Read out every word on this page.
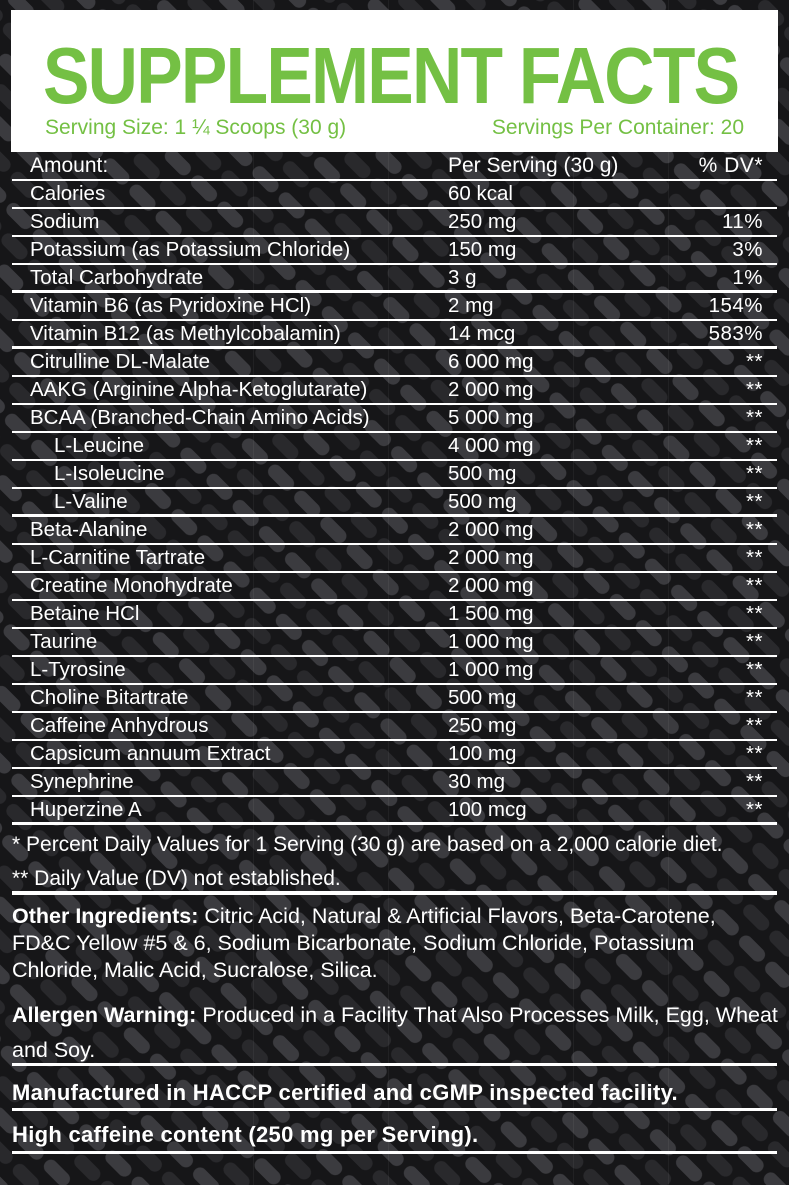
SUPPLEMENT FACTS
Serving Size: 1 ¼ Scoops (30 g)	Servings Per Container: 20
Amount:	Per Serving (30 g)	% DV*
Calories	60 kcal
Sodium	250 mg	11%
Potassium (as Potassium Chloride)	150 mg	3%
Total Carbohydrate	3 g	1%
Vitamin B6 (as Pyridoxine HCl)	2 mg	154%
Vitamin B12 (as Methylcobalamin)	14 mcg	583%
Citrulline DL-Malate	6 000 mg	**
AAKG (Arginine Alpha-Ketoglutarate)	2 000 mg	**
BCAA (Branched-Chain Amino Acids)	5 000 mg	**
L-Leucine	4 000 mg	**
L-Isoleucine	500 mg	**
L-Valine	500 mg	**
Beta-Alanine	2 000 mg	**
L-Carnitine Tartrate	2 000 mg	**
Creatine Monohydrate	2 000 mg	**
Betaine HCl	1 500 mg	**
Taurine	1 000 mg	**
L-Tyrosine	1 000 mg	**
Choline Bitartrate	500 mg	**
Caffeine Anhydrous	250 mg	**
Capsicum annuum Extract	100 mg	**
Synephrine	30 mg	**
Huperzine A	100 mcg	**
* Percent Daily Values for 1 Serving (30 g) are based on a 2,000 calorie diet.
** Daily Value (DV) not established.
Other Ingredients: Citric Acid, Natural & Artificial Flavors, Beta-Carotene, FD&C Yellow #5 & 6, Sodium Bicarbonate, Sodium Chloride, Potassium Chloride, Malic Acid, Sucralose, Silica.
Allergen Warning: Produced in a Facility That Also Processes Milk, Egg, Wheat and Soy.
Manufactured in HACCP certified and cGMP inspected facility.
High caffeine content (250 mg per Serving).
